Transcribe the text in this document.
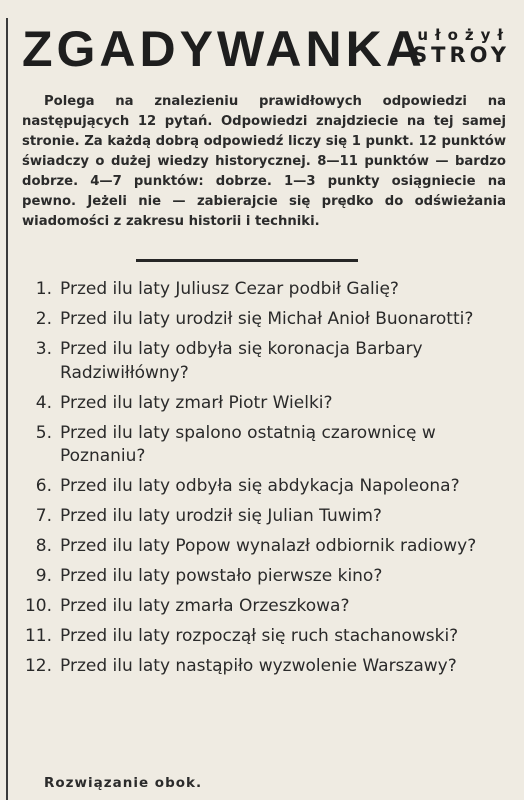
ZGADYWANKA
ułożył
STROY
Polega na znalezieniu prawidłowych odpowiedzi na następujących 12 pytań. Odpowiedzi znajdziecie na tej samej stronie. Za każdą dobrą odpowiedź liczy się 1 punkt. 12 punktów świadczy o dużej wiedzy historycznej. 8—11 punktów — bardzo dobrze. 4—7 punktów: dobrze. 1—3 punkty osiągniecie na pewno. Jeżeli nie — zabierajcie się prędko do odświeżania wiadomości z zakresu historii i techniki.
1. Przed ilu laty Juliusz Cezar podbił Galię?
2. Przed ilu laty urodził się Michał Anioł Buonarotti?
3. Przed ilu laty odbyła się koronacja Barbary Radziwiłłówny?
4. Przed ilu laty zmarł Piotr Wielki?
5. Przed ilu laty spalono ostatnią czarownicę w Poznaniu?
6. Przed ilu laty odbyła się abdykacja Napoleona?
7. Przed ilu laty urodził się Julian Tuwim?
8. Przed ilu laty Popow wynalazł odbiornik radiowy?
9. Przed ilu laty powstało pierwsze kino?
10. Przed ilu laty zmarła Orzeszkowa?
11. Przed ilu laty rozpoczął się ruch stachanowski?
12. Przed ilu laty nastąpiło wyzwolenie Warszawy?
Rozwiązanie obok.
